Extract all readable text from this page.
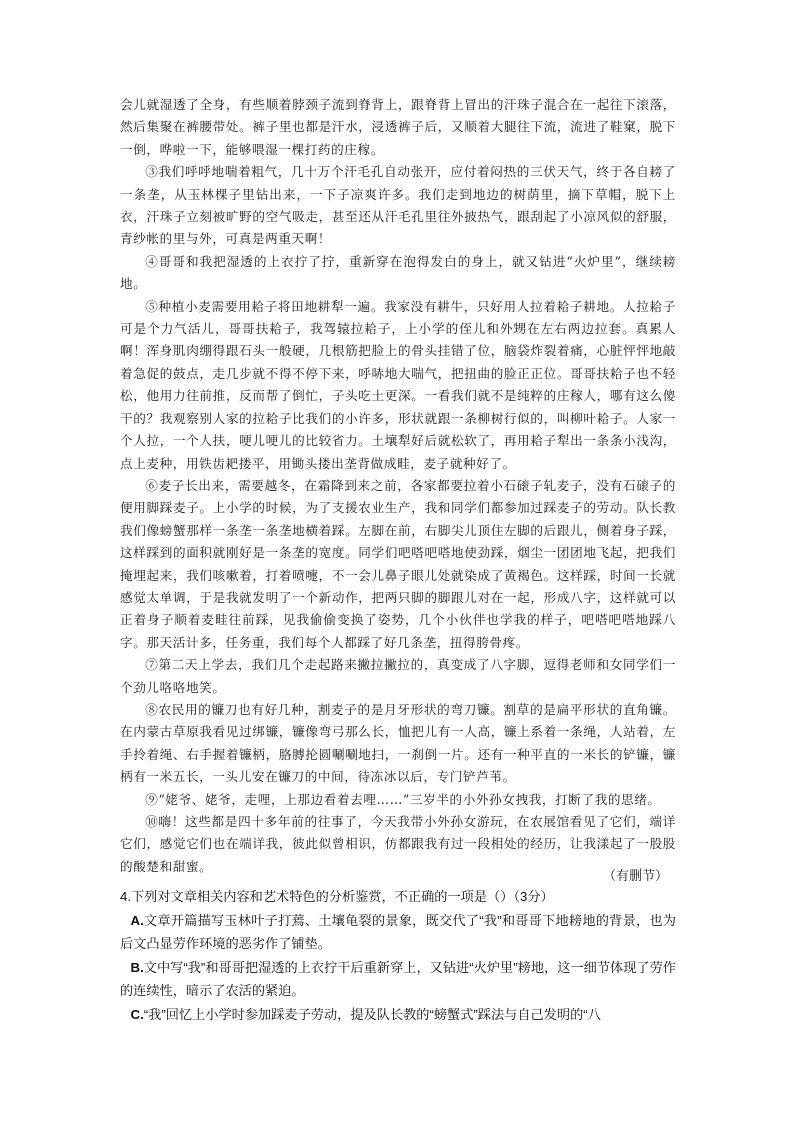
会儿就湿透了全身，有些顺着脖颈子流到脊背上，跟脊背上冒出的汗珠子混合在一起往下滚落，然后集聚在裤腰带处。裤子里也都是汗水，浸透裤子后，又顺着大腿往下流，流进了鞋窠，脱下一倒，哗啦一下，能够喂湿一棵打药的庄稼。

③我们呼呼地喘着粗气，几十万个汗毛孔自动张开，应付着闷热的三伏天气，终于各自耪了一条垄，从玉林棵子里钻出来，一下子凉爽许多。我们走到地边的树荫里，摘下草帽，脱下上衣，汗珠子立刻被旷野的空气吸走，甚至还从汗毛孔里往外披热气，跟刮起了小凉风似的舒服，青纱帐的里与外，可真是两重天啊！

④哥哥和我把湿透的上衣拧了拧，重新穿在泡得发白的身上，就又钻进“火炉里”，继续耪地。

⑤种植小麦需要用耠子将田地耕犁一遍。我家没有耕牛，只好用人拉着耠子耕地。人拉耠子可是个力气活儿，哥哥扶耠子，我驾辕拉耠子，上小学的侄儿和外甥在左右两边拉套。真累人啊！浑身肌肉绷得跟石头一般硬，几根筋把脸上的骨头挂错了位，脑袋炸裂着痛，心脏怦怦地敲着急促的鼓点，走几步就不得不停下来，呼哧地大喘气，把扭曲的脸正正位。哥哥扶耠子也不轻松，他用力往前推，反而帮了倒忙，子头吃土更深。一看我们就不是纯粹的庄稼人，哪有这么傻干的？我观察别人家的拉耠子比我们的小许多，形状就跟一条柳树行似的，叫柳叶耠子。人家一个人拉，一个人扶，哽儿哽儿的比较省力。土壤犁好后就松软了，再用耠子犁出一条条小浅沟，点上麦种，用铁齿耙搂平，用锄头搂出垄背做成畦，麦子就种好了。

⑥麦子长出来，需要越冬，在霜降到来之前，各家都要拉着小石磙子轧麦子，没有石磙子的便用脚踩麦子。上小学的时候，为了支援农业生产，我和同学们都参加过踩麦子的劳动。队长教我们像螃蟹那样一条垄一条垄地横着踩。左脚在前，右脚尖儿顶住左脚的后跟儿，侧着身子踩，这样踩到的面积就刚好是一条垄的宽度。同学们吧嗒吧嗒地使劲踩，烟尘一团团地飞起，把我们掩埋起来，我们咳嗽着，打着喷嚏，不一会儿鼻子眼儿处就染成了黄褐色。这样踩，时间一长就感觉太单调，于是我就发明了一个新动作，把两只脚的脚跟儿对在一起，形成八字，这样就可以正着身子顺着麦畦往前踩，见我偷偷变换了姿势，几个小伙伴也学我的样子，吧嗒吧嗒地踩八字。那天活计多，任务重，我们每个人都踩了好几条垄，扭得胯骨疼。

⑦第二天上学去，我们几个走起路来撇拉撇拉的，真变成了八字脚，逗得老师和女同学们一个劲儿咯咯地笑。

⑧农民用的镰刀也有好几种，割麦子的是月牙形状的弯刀镰。割草的是扁平形状的直角镰。在内蒙古草原我看见过绑镰，镰像弯弓那么长，恤把儿有一人高，镰上系着一条绳，人站着，左手拎着绳、右手握着镰柄，胳膊抡圆唰唰地扫，一刹倒一片。还有一种平直的一米长的铲镰，镰柄有一米五长，一头儿安在镰刀的中间，待冻冰以后，专门铲芦苇。

⑨“姥爷、姥爷，走哩，上那边看着去哩……”三岁半的小外孙女拽我，打断了我的思绪。

⑩嗨！这些都是四十多年前的往事了，今天我带小外孙女游玩，在农展馆看见了它们，端详它们，感觉它们也在端详我，彼此似曾相识，仿都跟我有过一段相处的经历，让我漾起了一股股的酸楚和甜蜜。

（有删节）

4.下列对文章相关内容和艺术特色的分析鉴赏，不正确的一项是（）（3分）

A.文章开篇描写玉林叶子打蔫、土壤龟裂的景象，既交代了“我”和哥哥下地耪地的背景，也为后文凸显劳作环境的恶劣作了铺垫。

B.文中写“我”和哥哥把湿透的上衣拧干后重新穿上，又钻进“火炉里”耪地，这一细节体现了劳作的连续性，暗示了农活的紧迫。

C.“我”回忆上小学时参加踩麦子劳动，提及队长教的“螃蟹式”踩法与自己发明的“八
